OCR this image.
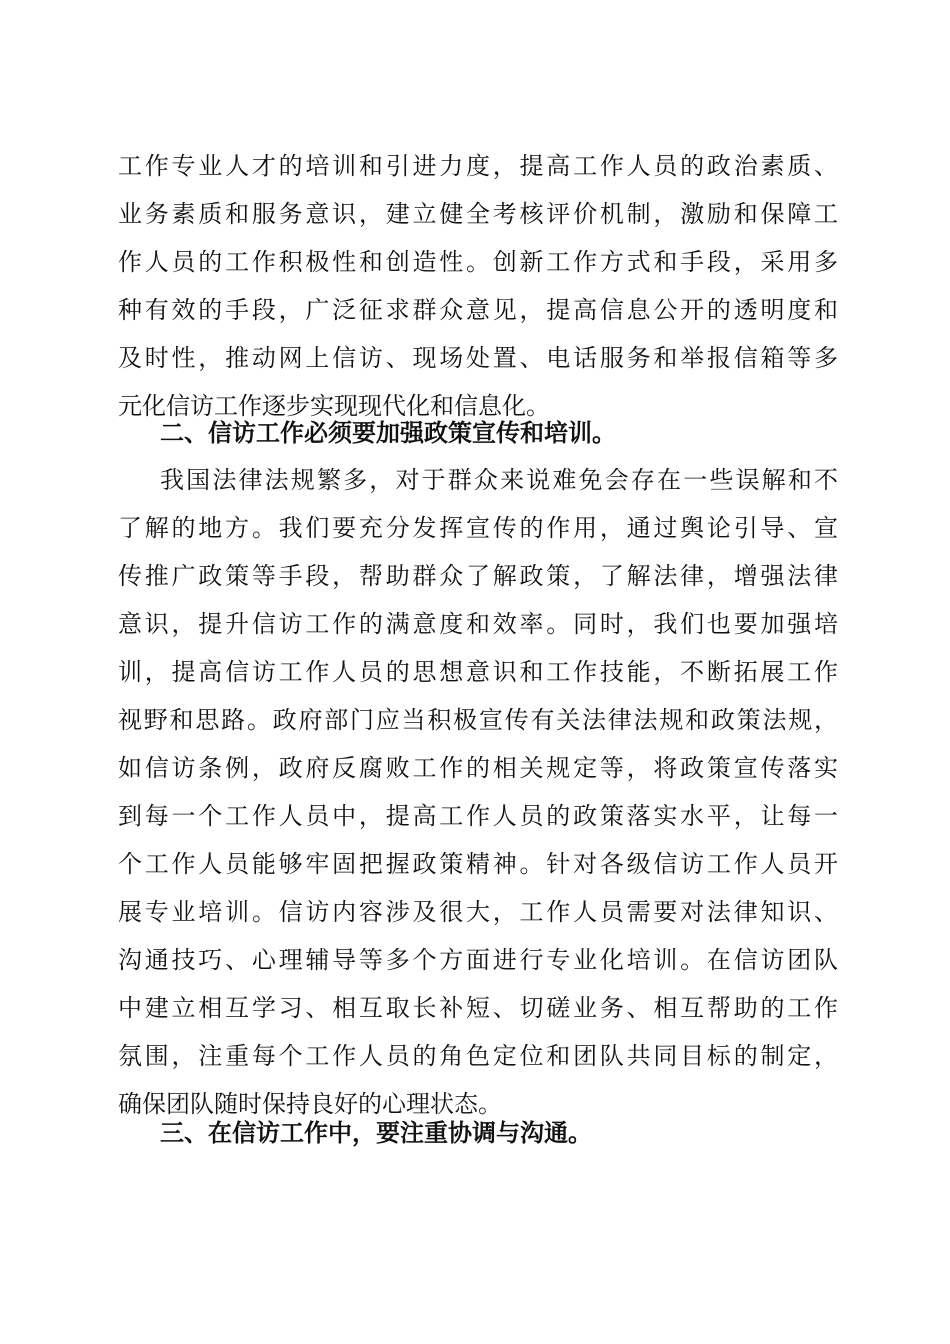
工作专业人才的培训和引进力度，提高工作人员的政治素质、
业务素质和服务意识，建立健全考核评价机制，激励和保障工
作人员的工作积极性和创造性。创新工作方式和手段，采用多
种有效的手段，广泛征求群众意见，提高信息公开的透明度和
及时性，推动网上信访、现场处置、电话服务和举报信箱等多
元化信访工作逐步实现现代化和信息化。
二、信访工作必须要加强政策宣传和培训。
我国法律法规繁多，对于群众来说难免会存在一些误解和不
了解的地方。我们要充分发挥宣传的作用，通过舆论引导、宣
传推广政策等手段，帮助群众了解政策，了解法律，增强法律
意识，提升信访工作的满意度和效率。同时，我们也要加强培
训，提高信访工作人员的思想意识和工作技能，不断拓展工作
视野和思路。政府部门应当积极宣传有关法律法规和政策法规，
如信访条例，政府反腐败工作的相关规定等，将政策宣传落实
到每一个工作人员中，提高工作人员的政策落实水平，让每一
个工作人员能够牢固把握政策精神。针对各级信访工作人员开
展专业培训。信访内容涉及很大，工作人员需要对法律知识、
沟通技巧、心理辅导等多个方面进行专业化培训。在信访团队
中建立相互学习、相互取长补短、切磋业务、相互帮助的工作
氛围，注重每个工作人员的角色定位和团队共同目标的制定，
确保团队随时保持良好的心理状态。
三、在信访工作中，要注重协调与沟通。
